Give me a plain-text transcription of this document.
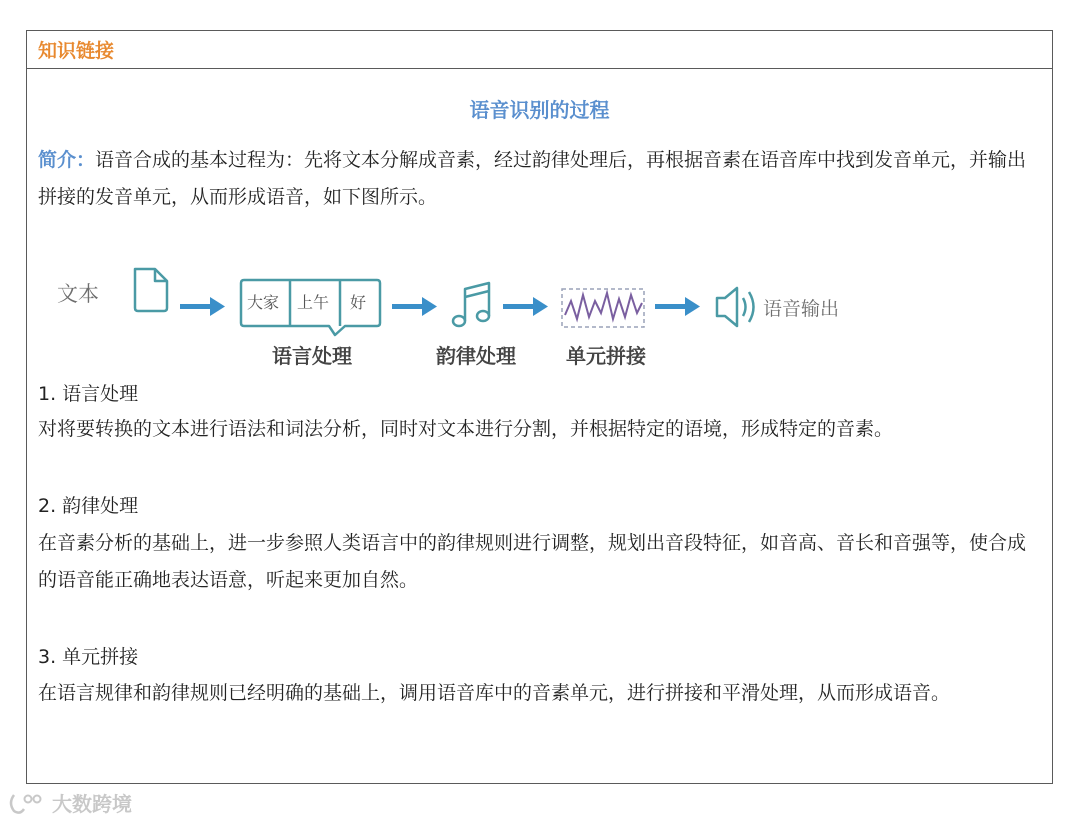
知识链接
语音识别的过程

简介：语音合成的基本过程为：先将文本分解成音素，经过韵律处理后，再根据音素在语音库中找到发音单元，并输出拼接的发音单元，从而形成语音，如下图所示。

文本	大家 上午 好	语音输出
语言处理	韵律处理	单元拼接
1. 语言处理

对将要转换的文本进行语法和词法分析，同时对文本进行分割，并根据特定的语境，形成特定的音素。

2. 韵律处理

在音素分析的基础上，进一步参照人类语言中的韵律规则进行调整，规划出音段特征，如音高、音长和音强等，使合成的语音能正确地表达语意，听起来更加自然。

3. 单元拼接

在语言规律和韵律规则已经明确的基础上，调用语音库中的音素单元，进行拼接和平滑处理，从而形成语音。

大数跨境
